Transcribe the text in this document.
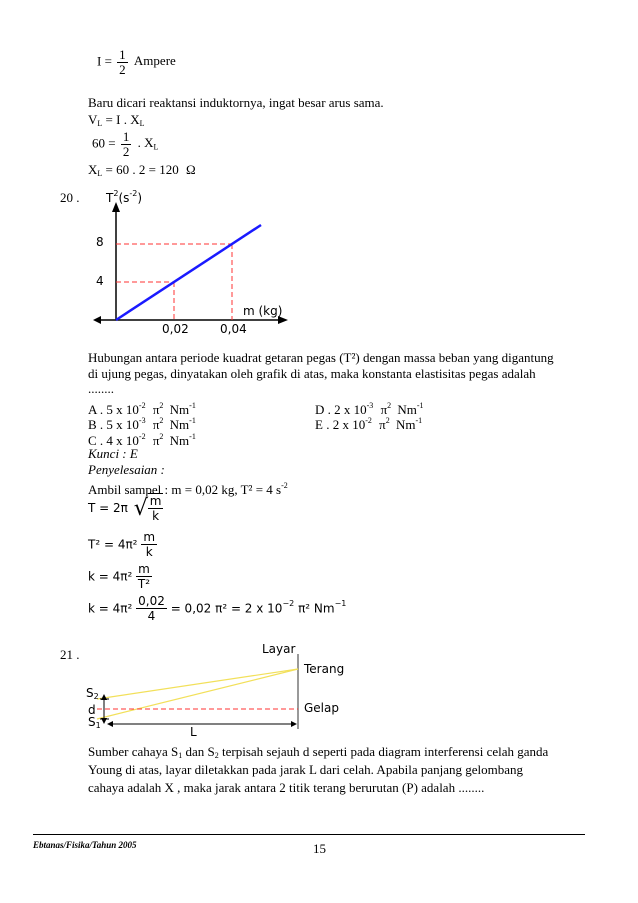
$I = \frac{1}{2}$ Ampere
Baru dicari reaktansi induktornya, ingat besar arus sama.
$V_L = I$ . $X_L$
$60 = \frac{1}{2}$ . $X_L$
$X_L = 60$ . 2 = 120 Ω
20 . $T^2(s^{-2})$
8
4
0,02	0,04
m (kg)
Hubungan antara periode kuadrat getaran pegas (T²) dengan massa beban yang digantung
di ujung pegas, dinyatakan oleh grafik di atas, maka konstanta elastisitas pegas adalah
........
A . 5 x $10^{-2}$ $\pi^2$ $Nm^{-1}$
B . 5 x $10^{-3}$ $\pi^2$ $Nm^{-1}$
C . 4 x $10^{-2}$ $\pi^2$ $Nm^{-1}$
D . 2 x $10^{-3}$ $\pi^2$ $Nm^{-1}$
E . 2 x $10^{-2}$ $\pi^2$ $Nm^{-1}$
Kunci : E
Penyelesaian :
Ambil sampel : m = 0,02 kg, T² = 4 $s^{-2}$
T = 2π √ $\frac{m}{k}$
$T^2 = 4\pi^2 \frac{m}{k}$
$k = 4\pi^2 \frac{m}{\text{T²}}$
$k = 4\pi^2 \frac{0,02}{4} = 0,02$ π² = 2 x $10^{-2}$ π² $Nm^{-1}$
21 .	Layar
Terang
Gelap
$S_2$
d
$S_1$	L
Sumber cahaya $S_1$ dan $S_2$ terpisah sejauh d seperti pada diagram interferensi celah ganda
Young di atas, layar diletakkan pada jarak L dari celah. Apabila panjang gelombang
cahaya adalah X , maka jarak antara 2 titik terang berurutan (P) adalah ........
Ebtanas/Fisika/Tahun 2005	15
